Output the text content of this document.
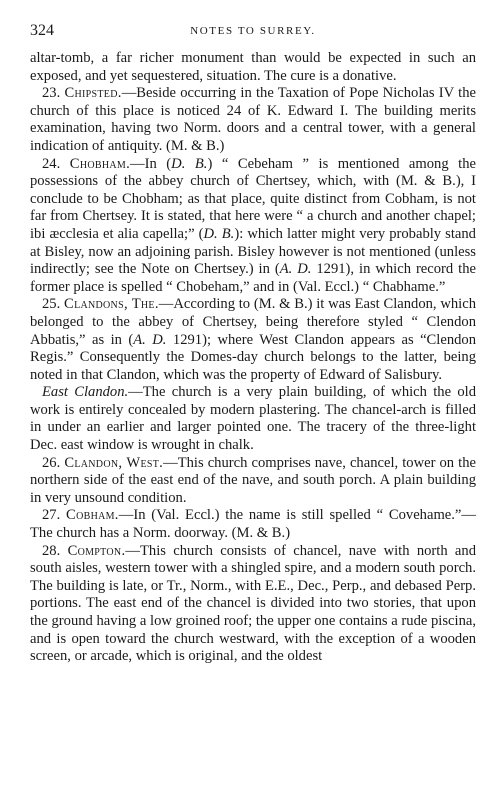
324	NOTES TO SURREY.

altar-tomb, a far richer monument than would be expected in such an exposed, and yet sequestered, situation. The cure is a donative.

23. Chipsted.—Beside occurring in the Taxation of Pope Nicholas IV the church of this place is noticed 24 of K. Edward I. The building merits examination, having two Norm. doors and a central tower, with a general indication of antiquity. (M. & B.)

24. Chobham.—In (D. B.) “ Cebeham ” is mentioned among the possessions of the abbey church of Chertsey, which, with (M. & B.), I conclude to be Chobham; as that place, quite distinct from Cobham, is not far from Chertsey. It is stated, that here were “ a church and another chapel; ibi æcclesia et alia capella;” (D. B.): which latter might very probably stand at Bisley, now an adjoining parish. Bisley however is not mentioned (unless indirectly; see the Note on Chertsey.) in (A. D. 1291), in which record the former place is spelled “ Chobeham,” and in (Val. Eccl.) “ Chabhame.”

25. Clandons, The.—According to (M. & B.) it was East Clandon, which belonged to the abbey of Chertsey, being therefore styled “ Clendon Abbatis,” as in (A. D. 1291); where West Clandon appears as “Clendon Regis.” Consequently the Domes-day church belongs to the latter, being noted in that Clandon, which was the property of Edward of Salisbury.

East Clandon.—The church is a very plain building, of which the old work is entirely concealed by modern plastering. The chancel-arch is filled in under an earlier and larger pointed one. The tracery of the three-light Dec. east window is wrought in chalk.

26. Clandon, West.—This church comprises nave, chancel, tower on the northern side of the east end of the nave, and south porch. A plain building in very unsound condition.

27. Cobham.—In (Val. Eccl.) the name is still spelled “ Covehame.”—The church has a Norm. doorway. (M. & B.)

28. Compton.—This church consists of chancel, nave with north and south aisles, western tower with a shingled spire, and a modern south porch. The building is late, or Tr., Norm., with E.E., Dec., Perp., and debased Perp. portions. The east end of the chancel is divided into two stories, that upon the ground having a low groined roof; the upper one contains a rude piscina, and is open toward the church westward, with the exception of a wooden screen, or arcade, which is original, and the oldest
